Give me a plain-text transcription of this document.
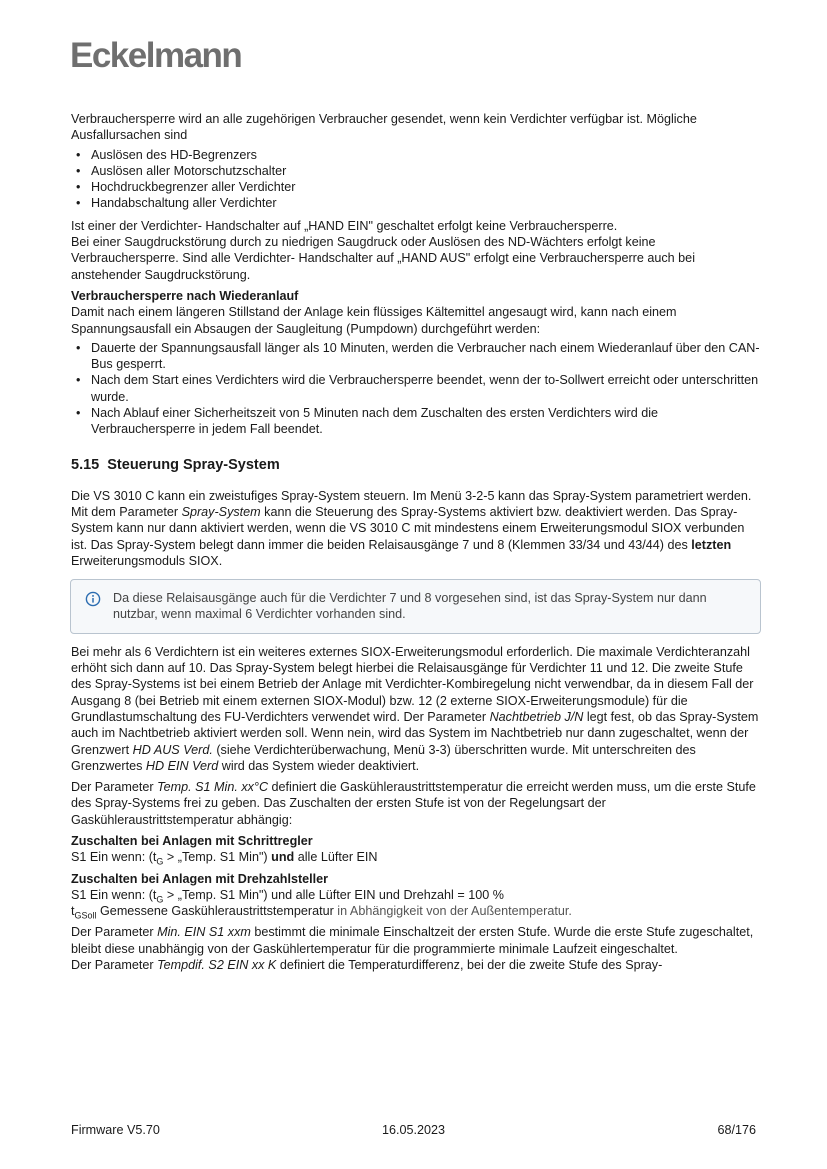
Eckelmann

Verbrauchersperre wird an alle zugehörigen Verbraucher gesendet, wenn kein Verdichter verfügbar ist. Mögliche Ausfallursachen sind

• Auslösen des HD-Begrenzers
• Auslösen aller Motorschutzschalter
• Hochdruckbegrenzer aller Verdichter
• Handabschaltung aller Verdichter

Ist einer der Verdichter- Handschalter auf „HAND EIN" geschaltet erfolgt keine Verbrauchersperre.

Bei einer Saugdruckstörung durch zu niedrigen Saugdruck oder Auslösen des ND-Wächters erfolgt keine Verbrauchersperre. Sind alle Verdichter- Handschalter auf „HAND AUS" erfolgt eine Verbrauchersperre auch bei anstehender Saugdruckstörung.

Verbrauchersperre nach Wiederanlauf

Damit nach einem längeren Stillstand der Anlage kein flüssiges Kältemittel angesaugt wird, kann nach einem Spannungsausfall ein Absaugen der Saugleitung (Pumpdown) durchgeführt werden:

• Dauerte der Spannungsausfall länger als 10 Minuten, werden die Verbraucher nach einem Wiederanlauf über den CAN-Bus gesperrt.
• Nach dem Start eines Verdichters wird die Verbrauchersperre beendet, wenn der to-Sollwert erreicht oder unterschritten wurde.
• Nach Ablauf einer Sicherheitszeit von 5 Minuten nach dem Zuschalten des ersten Verdichters wird die Verbrauchersperre in jedem Fall beendet.
5.15 Steuerung Spray-System

Die VS 3010 C kann ein zweistufiges Spray-System steuern. Im Menü 3-2-5 kann das Spray-System parametriert werden.

Mit dem Parameter Spray-System kann die Steuerung des Spray-Systems aktiviert bzw. deaktiviert werden. Das Spray-System kann nur dann aktiviert werden, wenn die VS 3010 C mit mindestens einem Erweiterungsmodul SIOX verbunden ist. Das Spray-System belegt dann immer die beiden Relaisausgänge 7 und 8 (Klemmen 33/34 und 43/44) des letzten Erweiterungsmoduls SIOX.

Da diese Relaisausgänge auch für die Verdichter 7 und 8 vorgesehen sind, ist das Spray-System nur dann nutzbar, wenn maximal 6 Verdichter vorhanden sind.

Bei mehr als 6 Verdichtern ist ein weiteres externes SIOX-Erweiterungsmodul erforderlich. Die maximale Verdichteranzahl erhöht sich dann auf 10. Das Spray-System belegt hierbei die Relaisausgänge für Verdichter 11 und 12. Die zweite Stufe des Spray-Systems ist bei einem Betrieb der Anlage mit Verdichter-Kombiregelung nicht verwendbar, da in diesem Fall der Ausgang 8 (bei Betrieb mit einem externen SIOX-Modul) bzw. 12 (2 externe SIOX-Erweiterungsmodule) für die Grundlastumschaltung des FU-Verdichters verwendet wird. Der Parameter Nachtbetrieb J/N legt fest, ob das Spray-System auch im Nachtbetrieb aktiviert werden soll. Wenn nein, wird das System im Nachtbetrieb nur dann zugeschaltet, wenn der Grenzwert HD AUS Verd. (siehe Verdichterüberwachung, Menü 3-3) überschritten wurde. Mit unterschreiten des Grenzwertes HD EIN Verd wird das System wieder deaktiviert.

Der Parameter Temp. S1 Min. xx°C definiert die Gaskühleraustrittstemperatur die erreicht werden muss, um die erste Stufe des Spray-Systems frei zu geben. Das Zuschalten der ersten Stufe ist von der Regelungsart der Gaskühleraustrittstemperatur abhängig:

Zuschalten bei Anlagen mit Schrittregler

S1 Ein wenn: ($t_G$ > „Temp. S1 Min") und alle Lüfter EIN

Zuschalten bei Anlagen mit Drehzahlsteller

S1 Ein wenn: ($t_G$ > „Temp. S1 Min") und alle Lüfter EIN und Drehzahl = 100 %

$t_{GSoll}$ Gemessene Gaskühleraustrittstemperatur in Abhängigkeit von der Außentemperatur.

Der Parameter Min. EIN S1 xxm bestimmt die minimale Einschaltzeit der ersten Stufe. Wurde die erste Stufe zugeschaltet, bleibt diese unabhängig von der Gaskühlertemperatur für die programmierte minimale Laufzeit eingeschaltet.

Der Parameter Tempdif. S2 EIN xx K definiert die Temperaturdifferenz, bei der die zweite Stufe des Spray-

Firmware V5.70	16.05.2023	68/176
